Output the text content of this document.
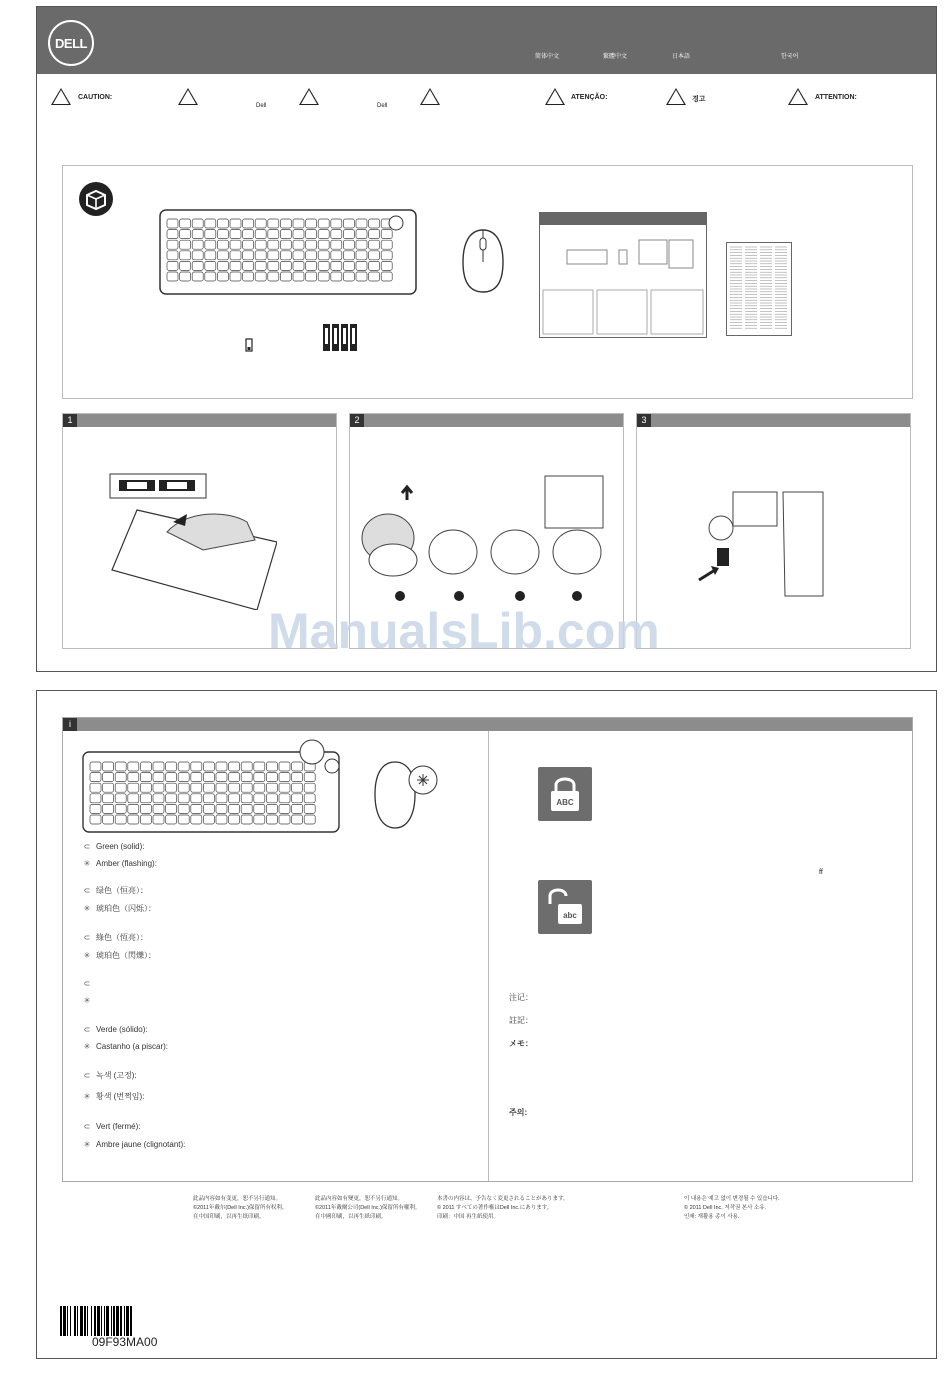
DELL
简体中文	繁體中文	日本語	한국어
CAUTION:
Dell	Dell
ATENÇÃO:	경고	ATTENTION:
1	2	3
ManualsLib.com
i
⊂ Green (solid):
✳ Amber (flashing):
⊂ 绿色（恒亮）：
✳ 琥珀色（闪烁）：
⊂ 綠色（恆亮）：
✳ 琥珀色（閃爍）：
⊂
✳
⊂ Verde (sólido):
✳ Castanho (a piscar):
⊂ 녹색 (고정):
✳ 황색 (번쩍임):
⊂ Vert (fermé):
✳ Ambre jaune (clignotant):
ABC
abc
ff
注记：
註記：
メモ：
주의:
此品内容如有变更，恕不另行通知。
©2011年戴尔(Dell Inc.)保留所有权利。
在中国印刷，以再生纸印刷。
此品內容如有變更，恕不另行通知。
©2011年戴爾公司(Dell Inc.)保留所有權利。
在中國印刷，以再生紙印刷。
本書の内容は、予告なく変更されることがあります。
© 2011 すべての著作権はDell Inc.にあります。
印刷：中国 再生紙使用。
이 내용은 예고 없이 변경될 수 있습니다.
© 2011 Dell Inc. 저작권 본사 소유.
인쇄: 재활용 종이 사용.
09F93MA00
